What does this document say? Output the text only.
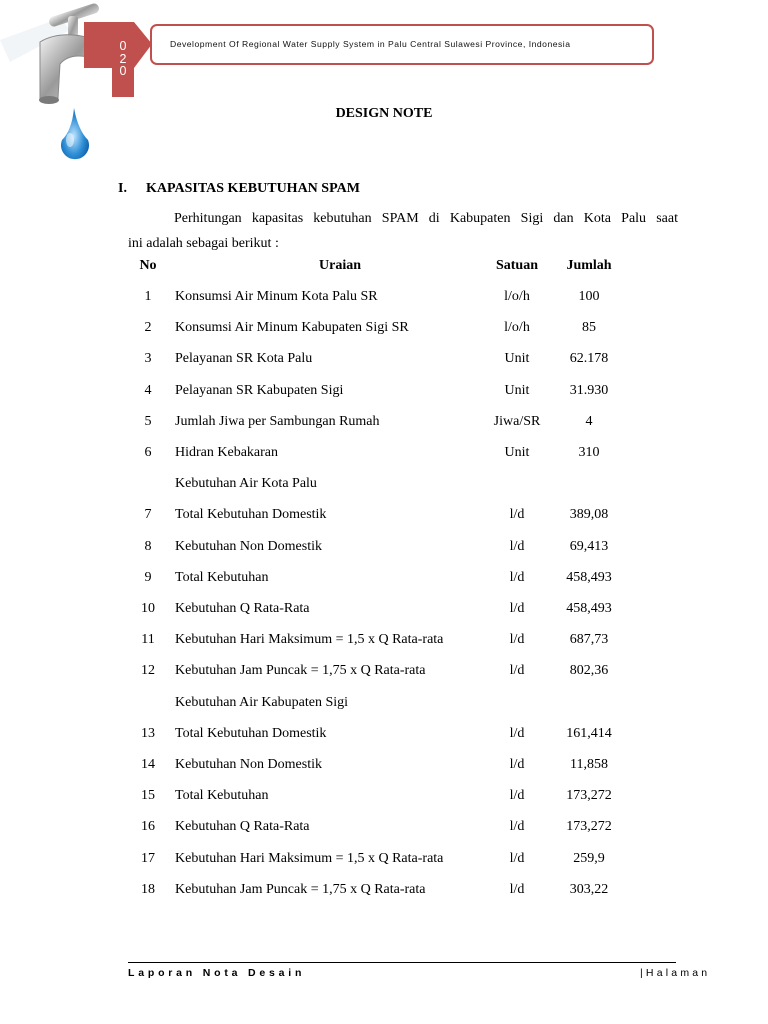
0
2
0
Development Of Regional Water Supply System in Palu Central Sulawesi Province, Indonesia
DESIGN NOTE
I. KAPASITAS KEBUTUHAN SPAM
Perhitungan kapasitas kebutuhan SPAM di Kabupaten Sigi dan Kota Palu saat
ini adalah sebagai berikut :
No	Uraian	Satuan	Jumlah
1	Konsumsi Air Minum Kota Palu SR	l/o/h	100
2	Konsumsi Air Minum Kabupaten Sigi SR	l/o/h	85
3	Pelayanan SR Kota Palu	Unit	62.178
4	Pelayanan SR Kabupaten Sigi	Unit	31.930
5	Jumlah Jiwa per Sambungan Rumah	Jiwa/SR	4
6	Hidran Kebakaran	Unit	310
Kebutuhan Air Kota Palu
7	Total Kebutuhan Domestik	l/d	389,08
8	Kebutuhan Non Domestik	l/d	69,413
9	Total Kebutuhan	l/d	458,493
10	Kebutuhan Q Rata-Rata	l/d	458,493
11	Kebutuhan Hari Maksimum = 1,5 x Q Rata-rata	l/d	687,73
12	Kebutuhan Jam Puncak = 1,75 x Q Rata-rata	l/d	802,36
Kebutuhan Air Kabupaten Sigi
13	Total Kebutuhan Domestik	l/d	161,414
14	Kebutuhan Non Domestik	l/d	11,858
15	Total Kebutuhan	l/d	173,272
16	Kebutuhan Q Rata-Rata	l/d	173,272
17	Kebutuhan Hari Maksimum = 1,5 x Q Rata-rata	l/d	259,9
18	Kebutuhan Jam Puncak = 1,75 x Q Rata-rata	l/d	303,22
Laporan Nota Desain	|Halaman
